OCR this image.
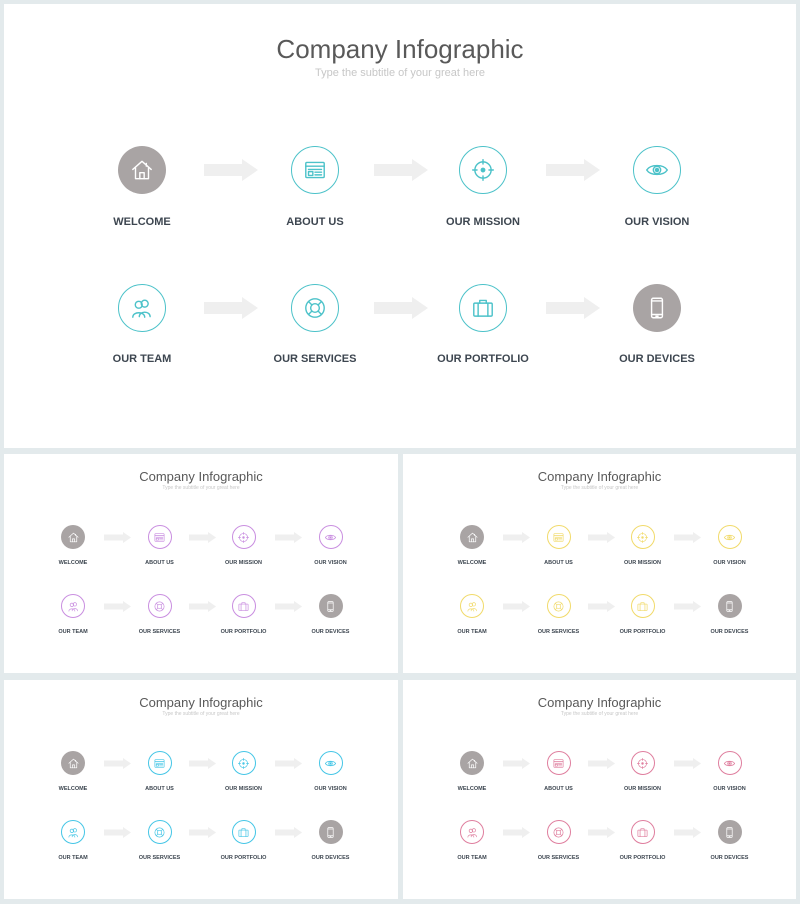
Company Infographic
Type the subtitle of your great here
WELCOME	ABOUT US	OUR MISSION	OUR VISION
OUR TEAM	OUR SERVICES	OUR PORTFOLIO	OUR DEVICES
Company Infographic
Type the subtitle of your great here
WELCOME	ABOUT US	OUR MISSION	OUR VISION
OUR TEAM	OUR SERVICES	OUR PORTFOLIO	OUR DEVICES
Company Infographic
Type the subtitle of your great here
WELCOME	ABOUT US	OUR MISSION	OUR VISION
OUR TEAM	OUR SERVICES	OUR PORTFOLIO	OUR DEVICES
Company Infographic
Type the subtitle of your great here
WELCOME	ABOUT US	OUR MISSION	OUR VISION
OUR TEAM	OUR SERVICES	OUR PORTFOLIO	OUR DEVICES
Company Infographic
Type the subtitle of your great here
WELCOME	ABOUT US	OUR MISSION	OUR VISION
OUR TEAM	OUR SERVICES	OUR PORTFOLIO	OUR DEVICES
